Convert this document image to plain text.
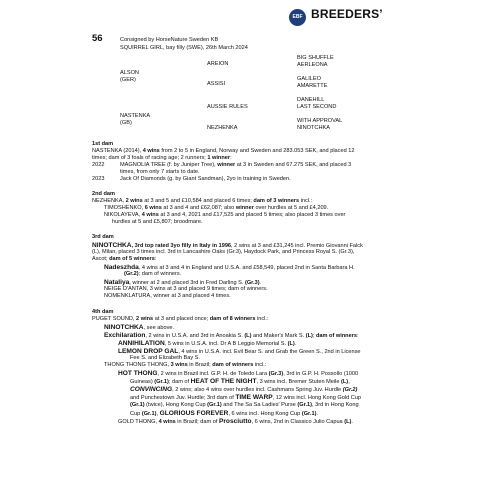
EBF BREEDERS’
56	Consigned by HorseNature Sweden KB
SQUIRREL GIRL, bay filly (SWE), 26th March 2024
ALSON
(GER)
NASTENKA
(GB)
AREION
ASSISI
AUSSIE RULES
NEZHENKA
BIG SHUFFLE
AERLEONA
GALILEO
AMARETTE
DANEHILL
LAST SECOND
WITH APPROVAL
NINOTCHKA
1st dam
NASTENKA (2014), 4 wins from 2 to 5 in England, Norway and Sweden and 283.053 SEK, and placed 12
times; dam of 3 foals of racing age; 2 runners; 1 winner:
2022	MAGNOLIA TREE (f. by Juniper Tree), winner at 3 in Sweden and 67.275 SEK, and placed 3
times, from only 7 starts to date.
2023	Jack Of Diamonds (g. by Giant Sandman), 2yo in training in Sweden.
2nd dam
NEZHENKA, 2 wins at 3 and 5 and £10,584 and placed 6 times; dam of 3 winners incl.:
TIMOSHENKO, 6 wins at 3 and 4 and £62,087; also winner over hurdles at 5 and £4,209.
NIKOLAYEVA, 4 wins at 3 and 4, 2021 and £17,525 and placed 5 times; also placed 3 times over
hurdles at 5 and £5,807; broodmare.
3rd dam
NINOTCHKA, 3rd top rated 3yo filly in Italy in 1996, 2 wins at 3 and £31,245 incl. Premio Giovanni Falck
(L), Milan, placed 3 times incl. 3rd in Lancashire Oaks (Gr.3), Haydock Park, and Princess Royal S. (Gr.3),
Ascot; dam of 5 winners:
Nadeszhda, 4 wins at 3 and 4 in England and U.S.A. and £58,549, placed 2nd in Santa Barbara H.
(Gr.2); dam of winners.
Nataliya, winner at 2 and placed 3rd in Fred Darling S. (Gr.3).
NEIGE D'ANTAN, 3 wins at 3 and placed 9 times; dam of winners.
NOMENKLATURA, winner at 3 and placed 4 times.
4th dam
PUGET SOUND, 2 wins at 3 and placed once; dam of 8 winners incl.:
NINOTCHKA, see above.
Exchilaration, 2 wins in U.S.A. and 3rd in Anoakia S. (L) and Maker's Mark S. (L); dam of winners:
ANNIHILATION, 5 wins in U.S.A. incl. Dr A B Leggio Memorial S. (L).
LEMON DROP GAL, 4 wins in U.S.A. incl. Evil Bear S. and Grab the Green S., 2nd in License
Fee S. and Elizabeth Bay S.
THONG THONG THONG, 3 wins in Brazil; dam of winners incl.:
HOT THONG, 2 wins in Brazil incl. G.P. H. de Toledo Lara (Gr.3), 3rd in G.P. H. Possollo (1000
Guineas) (Gr.1); dam of HEAT OF THE NIGHT, 3 wins incl. Bremer Stuten Meile (L),
CONVINCING, 2 wins; also 4 wins over hurdles incl. Cashmans Spring Juv. Hurdle (Gr.2)
and Punchestown Juv. Hurdle; 3rd dam of TIME WARP, 12 wins incl. Hong Kong Gold Cup
(Gr.1) (twice), Hong Kong Cup (Gr.1) and The Sa Sa Ladies' Purse (Gr.1), 3rd in Hong Kong
Cup (Gr.1), GLORIOUS FOREVER, 6 wins incl. Hong Kong Cup (Gr.1).
GOLD THONG, 4 wins in Brazil; dam of Prosciutto, 6 wins, 2nd in Classico Julio Capua (L).
